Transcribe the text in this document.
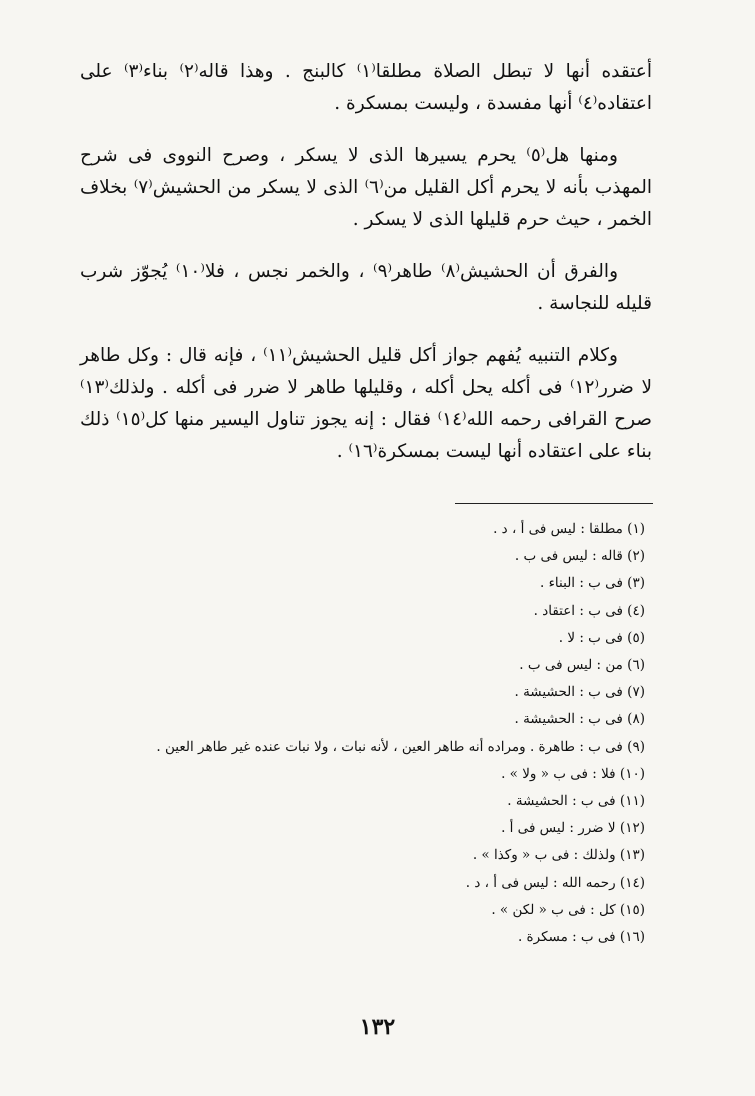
أعتقده أنها لا تبطل الصلاة مطلقا⁽١⁾ كالبنج . وهذا قاله⁽٢⁾ بناء⁽٣⁾ على اعتقاده⁽٤⁾ أنها مفسدة ، وليست بمسكرة .

ومنها هل⁽٥⁾ يحرم يسيرها الذى لا يسكر ، وصرح النووى فى شرح المهذب بأنه لا يحرم أكل القليل من⁽٦⁾ الذى لا يسكر من الحشيش⁽٧⁾ بخلاف الخمر ، حيث حرم قليلها الذى لا يسكر .

والفرق أن الحشيش⁽٨⁾ طاهر⁽٩⁾ ، والخمر نجس ، فلا⁽١٠⁾ يُجوّز شرب قليله للنجاسة .

وكلام التنبيه يُفهم جواز أكل قليل الحشيش⁽١١⁾ ، فإنه قال : وكل طاهر لا ضرر⁽١٢⁾ فى أكله يحل أكله ، وقليلها طاهر لا ضرر فى أكله . ولذلك⁽١٣⁾ صرح القرافى رحمه الله⁽١٤⁾ فقال : إنه يجوز تناول اليسير منها كل⁽١٥⁾ ذلك بناء على اعتقاده أنها ليست بمسكرة⁽١٦⁾ .

(١) مطلقا : ليس فى أ ، د .
(٢) قاله : ليس فى ب .
(٣) فى ب : البناء .
(٤) فى ب : اعتقاد .
(٥) فى ب : لا .
(٦) من : ليس فى ب .
(٧) فى ب : الحشيشة .
(٨) فى ب : الحشيشة .
(٩) فى ب : طاهرة . ومراده أنه طاهر العين ، لأنه نبات ، ولا نبات عنده غير طاهر العين .
(١٠) فلا : فى ب « ولا » .
(١١) فى ب : الحشيشة .
(١٢) لا ضرر : ليس فى أ .
(١٣) ولذلك : فى ب « وكذا » .
(١٤) رحمه الله : ليس فى أ ، د .
(١٥) كل : فى ب « لكن » .
(١٦) فى ب : مسكرة .
١٣٢
